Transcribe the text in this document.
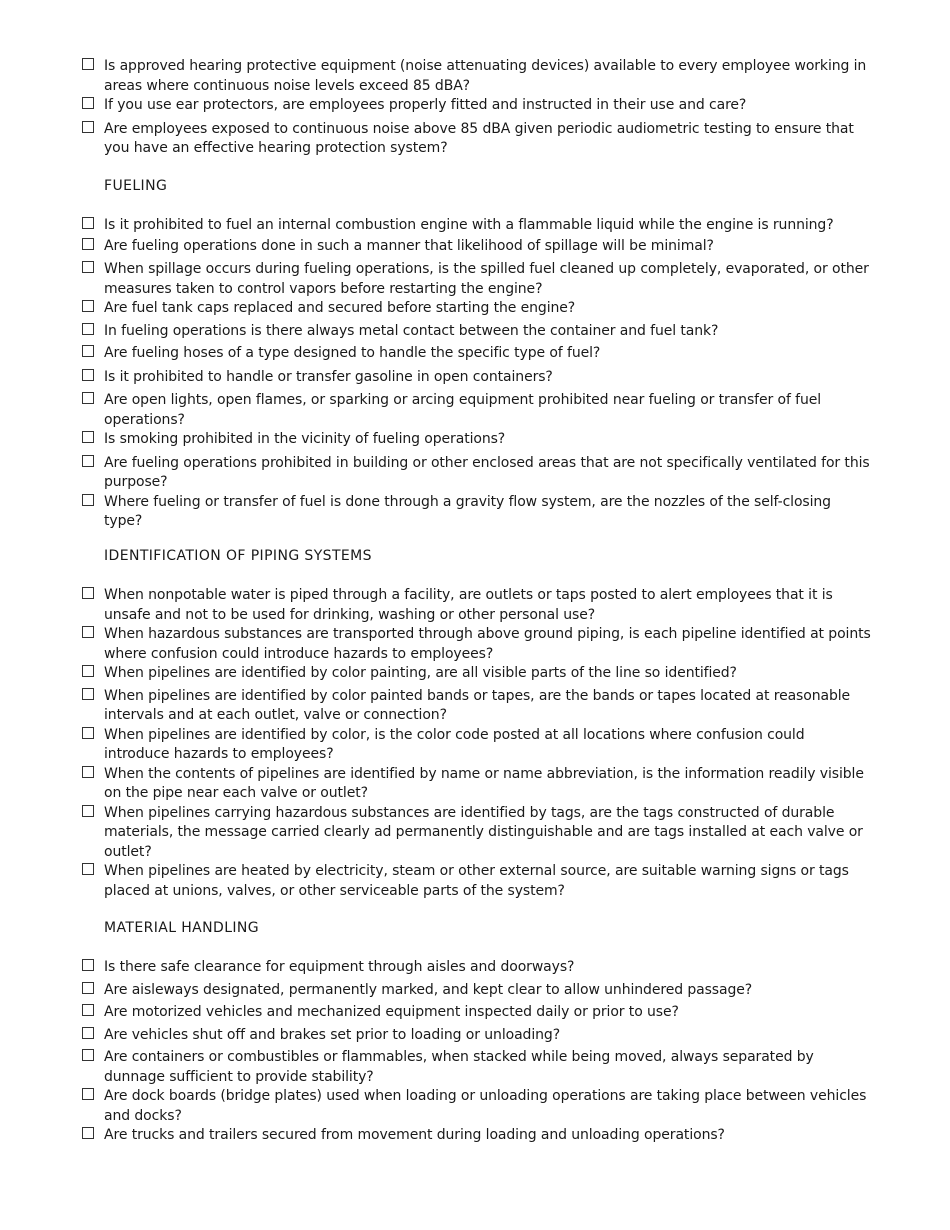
Is approved hearing protective equipment (noise attenuating devices) available to every employee working in areas where continuous noise levels exceed 85 dBA?
If you use ear protectors, are employees properly fitted and instructed in their use and care?
Are employees exposed to continuous noise above 85 dBA given periodic audiometric testing to ensure that you have an effective hearing protection system?
FUELING
Is it prohibited to fuel an internal combustion engine with a flammable liquid while the engine is running?
Are fueling operations done in such a manner that likelihood of spillage will be minimal?
When spillage occurs during fueling operations, is the spilled fuel cleaned up completely, evaporated, or other measures taken to control vapors before restarting the engine?
Are fuel tank caps replaced and secured before starting the engine?
In fueling operations is there always metal contact between the container and fuel tank?
Are fueling hoses of a type designed to handle the specific type of fuel?
Is it prohibited to handle or transfer gasoline in open containers?
Are open lights, open flames, or sparking or arcing equipment prohibited near fueling or transfer of fuel operations?
Is smoking prohibited in the vicinity of fueling operations?
Are fueling operations prohibited in building or other enclosed areas that are not specifically ventilated for this purpose?
Where fueling or transfer of fuel is done through a gravity flow system, are the nozzles of the self-closing type?
IDENTIFICATION OF PIPING SYSTEMS
When nonpotable water is piped through a facility, are outlets or taps posted to alert employees that it is unsafe and not to be used for drinking, washing or other personal use?
When hazardous substances are transported through above ground piping, is each pipeline identified at points where confusion could introduce hazards to employees?
When pipelines are identified by color painting, are all visible parts of the line so identified?
When pipelines are identified by color painted bands or tapes, are the bands or tapes located at reasonable intervals and at each outlet, valve or connection?
When pipelines are identified by color, is the color code posted at all locations where confusion could introduce hazards to employees?
When the contents of pipelines are identified by name or name abbreviation, is the information readily visible on the pipe near each valve or outlet?
When pipelines carrying hazardous substances are identified by tags, are the tags constructed of durable materials, the message carried clearly ad permanently distinguishable and are tags installed at each valve or outlet?
When pipelines are heated by electricity, steam or other external source, are suitable warning signs or tags placed at unions, valves, or other serviceable parts of the system?
MATERIAL HANDLING
Is there safe clearance for equipment through aisles and doorways?
Are aisleways designated, permanently marked, and kept clear to allow unhindered passage?
Are motorized vehicles and mechanized equipment inspected daily or prior to use?
Are vehicles shut off and brakes set prior to loading or unloading?
Are containers or combustibles or flammables, when stacked while being moved, always separated by dunnage sufficient to provide stability?
Are dock boards (bridge plates) used when loading or unloading operations are taking place between vehicles and docks?
Are trucks and trailers secured from movement during loading and unloading operations?
